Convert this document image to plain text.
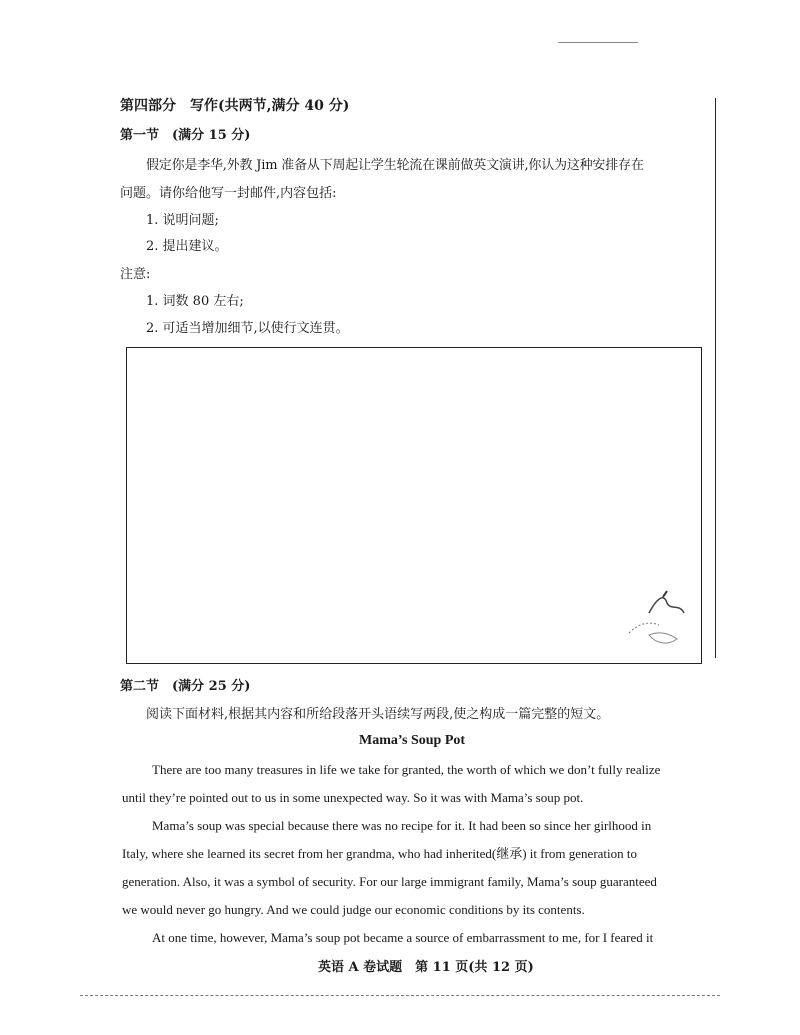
第四部分　写作(共两节,满分 40 分)
第一节　(满分 15 分)
假定你是李华,外教 Jim 准备从下周起让学生轮流在课前做英文演讲,你认为这种安排存在
问题。请你给他写一封邮件,内容包括:
1. 说明问题;
2. 提出建议。
注意:
1. 词数 80 左右;
2. 可适当增加细节,以使行文连贯。
第二节　(满分 25 分)
阅读下面材料,根据其内容和所给段落开头语续写两段,使之构成一篇完整的短文。
Mama’s Soup Pot
There are too many treasures in life we take for granted, the worth of which we don’t fully realize
until they’re pointed out to us in some unexpected way. So it was with Mama’s soup pot.
Mama’s soup was special because there was no recipe for it. It had been so since her girlhood in
Italy, where she learned its secret from her grandma, who had inherited(继承) it from generation to
generation. Also, it was a symbol of security. For our large immigrant family, Mama’s soup guaranteed
we would never go hungry. And we could judge our economic conditions by its contents.
At one time, however, Mama’s soup pot became a source of embarrassment to me, for I feared it
英语 A 卷试题　第 11 页(共 12 页)
